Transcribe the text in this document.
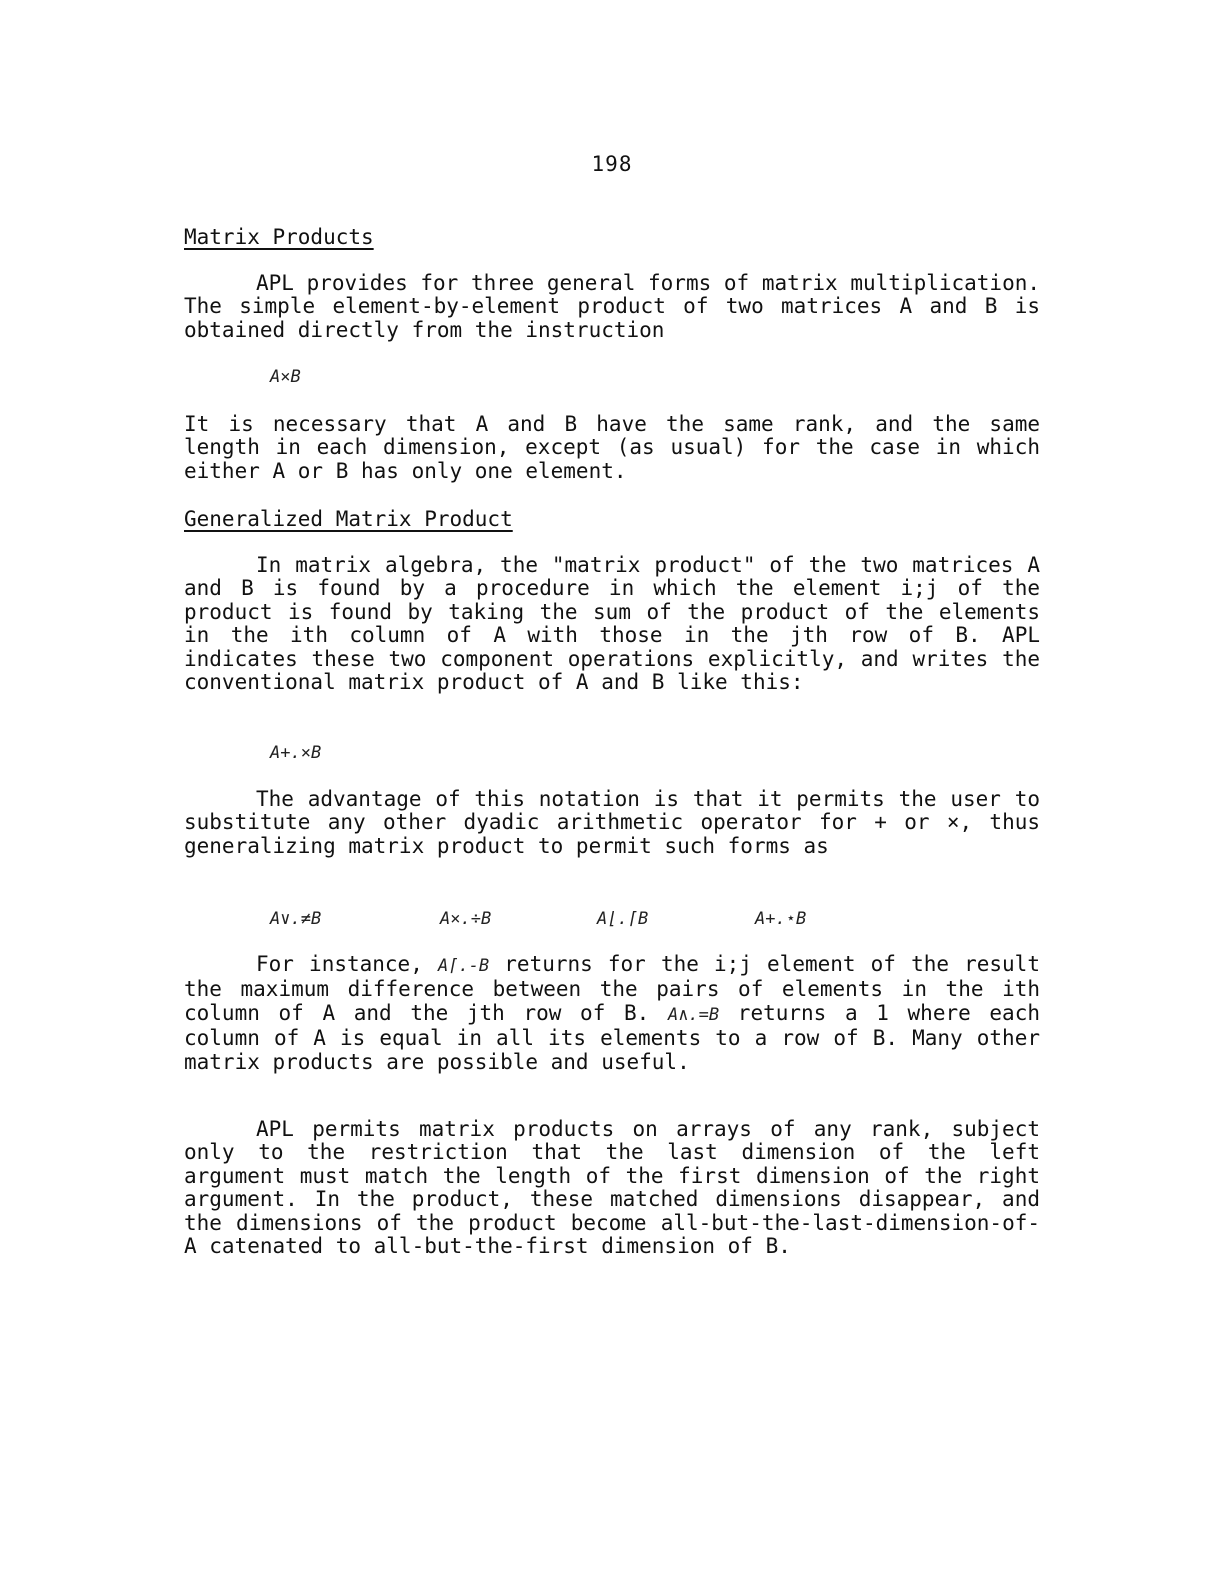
198
Matrix Products

APL provides for three general forms of matrix multiplication. The simple element-by-element product of two matrices A and B is obtained directly from the instruction

A×B

It is necessary that A and B have the same rank, and the same length in each dimension, except (as usual) for the case in which either A or B has only one element.

Generalized Matrix Product

In matrix algebra, the "matrix product" of the two matrices A and B is found by a procedure in which the element i;j of the product is found by taking the sum of the product of the elements in the ith column of A with those in the jth row of B. APL indicates these two component operations explicitly, and writes the conventional matrix product of A and B like this:

A+.×B

The advantage of this notation is that it permits the user to substitute any other dyadic arithmetic operator for + or ×, thus generalizing matrix product to permit such forms as

A∨.≠B	A×.÷B	A⌊.⌈B	A+.⋆B

For instance, A⌈.-B returns for the i;j element of the result the maximum difference between the pairs of elements in the ith column of A and the jth row of B. A∧.=B returns a 1 where each column of A is equal in all its elements to a row of B. Many other matrix products are possible and useful.

APL permits matrix products on arrays of any rank, subject only to the restriction that the last dimension of the left argument must match the length of the first dimension of the right argument. In the product, these matched dimensions disappear, and the dimensions of the product become all-but-the-last-dimension-of-A catenated to all-but-the-first dimension of B.
